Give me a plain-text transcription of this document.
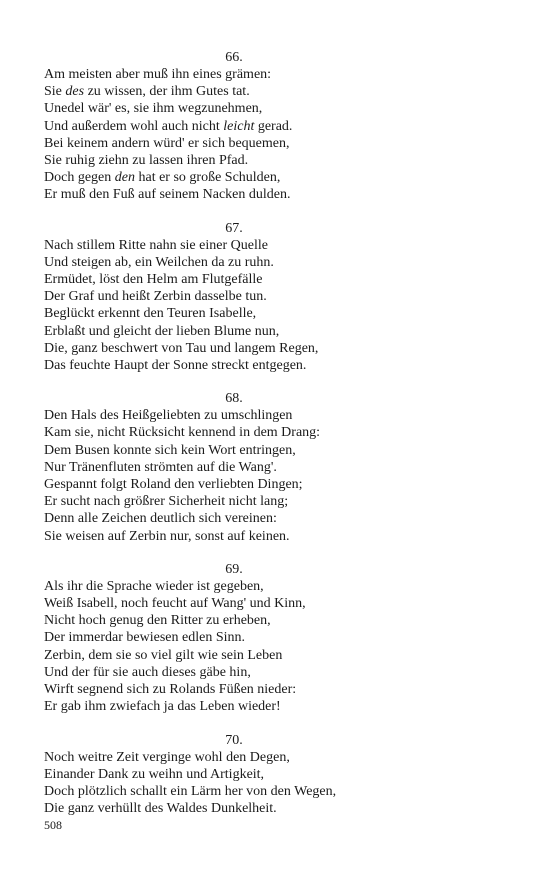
66.
Am meisten aber muß ihn eines grämen:
Sie des zu wissen, der ihm Gutes tat.
Unedel wär' es, sie ihm wegzunehmen,
Und außerdem wohl auch nicht leicht gerad.
Bei keinem andern würd' er sich bequemen,
Sie ruhig ziehn zu lassen ihren Pfad.
Doch gegen den hat er so große Schulden,
Er muß den Fuß auf seinem Nacken dulden.
67.
Nach stillem Ritte nahn sie einer Quelle
Und steigen ab, ein Weilchen da zu ruhn.
Ermüdet, löst den Helm am Flutgefälle
Der Graf und heißt Zerbin dasselbe tun.
Beglückt erkennt den Teuren Isabelle,
Erblaßt und gleicht der lieben Blume nun,
Die, ganz beschwert von Tau und langem Regen,
Das feuchte Haupt der Sonne streckt entgegen.
68.
Den Hals des Heißgeliebten zu umschlingen
Kam sie, nicht Rücksicht kennend in dem Drang:
Dem Busen konnte sich kein Wort entringen,
Nur Tränenfluten strömten auf die Wang'.
Gespannt folgt Roland den verliebten Dingen;
Er sucht nach größrer Sicherheit nicht lang;
Denn alle Zeichen deutlich sich vereinen:
Sie weisen auf Zerbin nur, sonst auf keinen.
69.
Als ihr die Sprache wieder ist gegeben,
Weiß Isabell, noch feucht auf Wang' und Kinn,
Nicht hoch genug den Ritter zu erheben,
Der immerdar bewiesen edlen Sinn.
Zerbin, dem sie so viel gilt wie sein Leben
Und der für sie auch dieses gäbe hin,
Wirft segnend sich zu Rolands Füßen nieder:
Er gab ihm zwiefach ja das Leben wieder!
70.
Noch weitre Zeit verginge wohl den Degen,
Einander Dank zu weihn und Artigkeit,
Doch plötzlich schallt ein Lärm her von den Wegen,
Die ganz verhüllt des Waldes Dunkelheit.
508
